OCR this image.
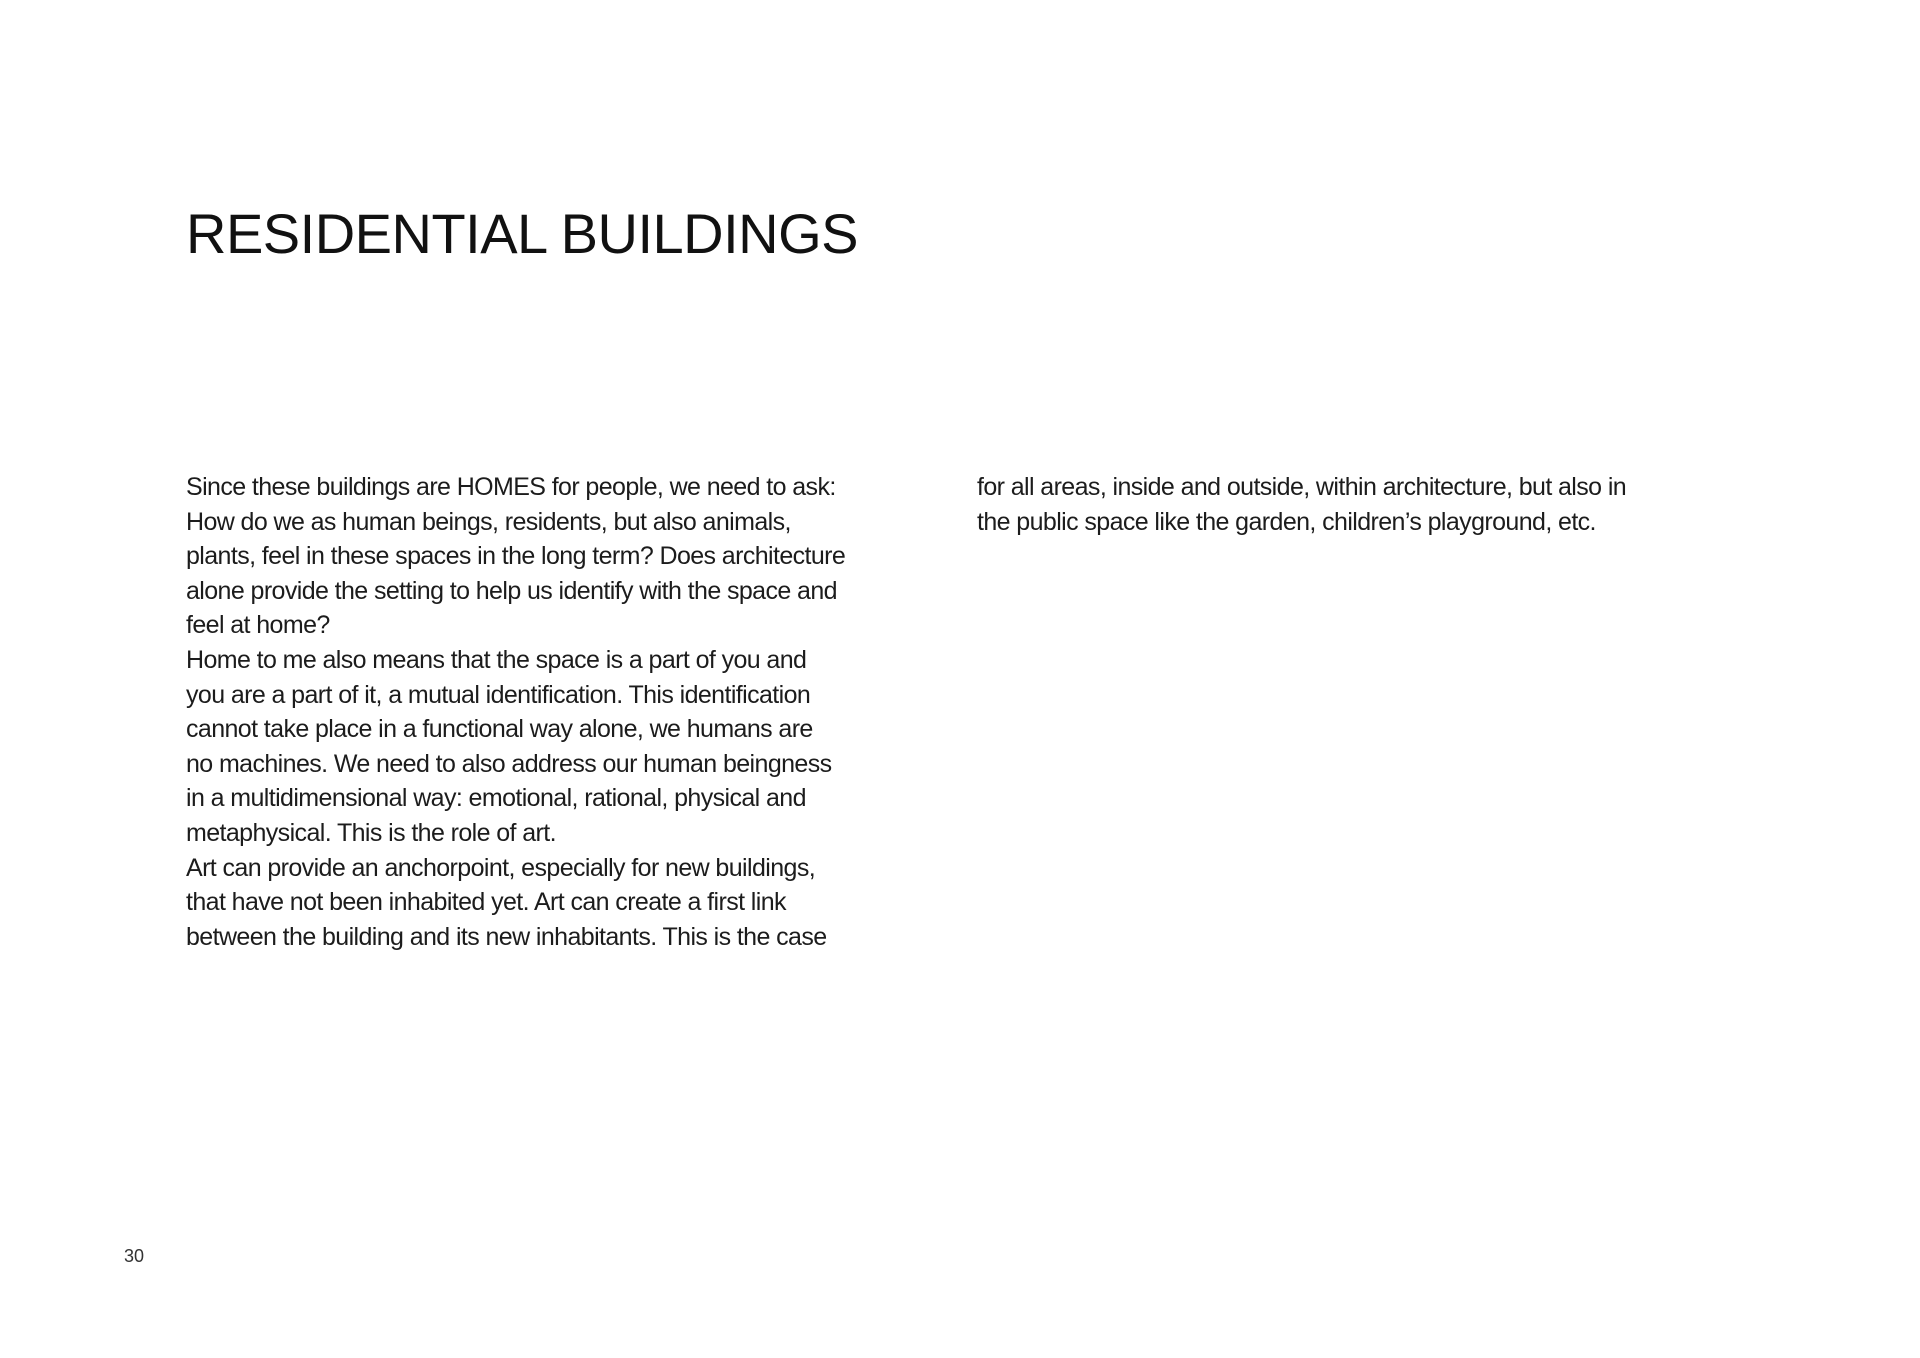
RESIDENTIAL BUILDINGS
Since these buildings are HOMES for people, we need to ask:
How do we as human beings, residents, but also animals,
plants, feel in these spaces in the long term? Does architecture
alone provide the setting to help us identify with the space and
feel at home?
Home to me also means that the space is a part of you and
you are a part of it, a mutual identification. This identification
cannot take place in a functional way alone, we humans are
no machines. We need to also address our human beingness
in a multidimensional way: emotional, rational, physical and
metaphysical. This is the role of art.
Art can provide an anchorpoint, especially for new buildings,
that have not been inhabited yet. Art can create a first link
between the building and its new inhabitants. This is the case
for all areas, inside and outside, within architecture, but also in
the public space like the garden, children’s playground, etc.
30
